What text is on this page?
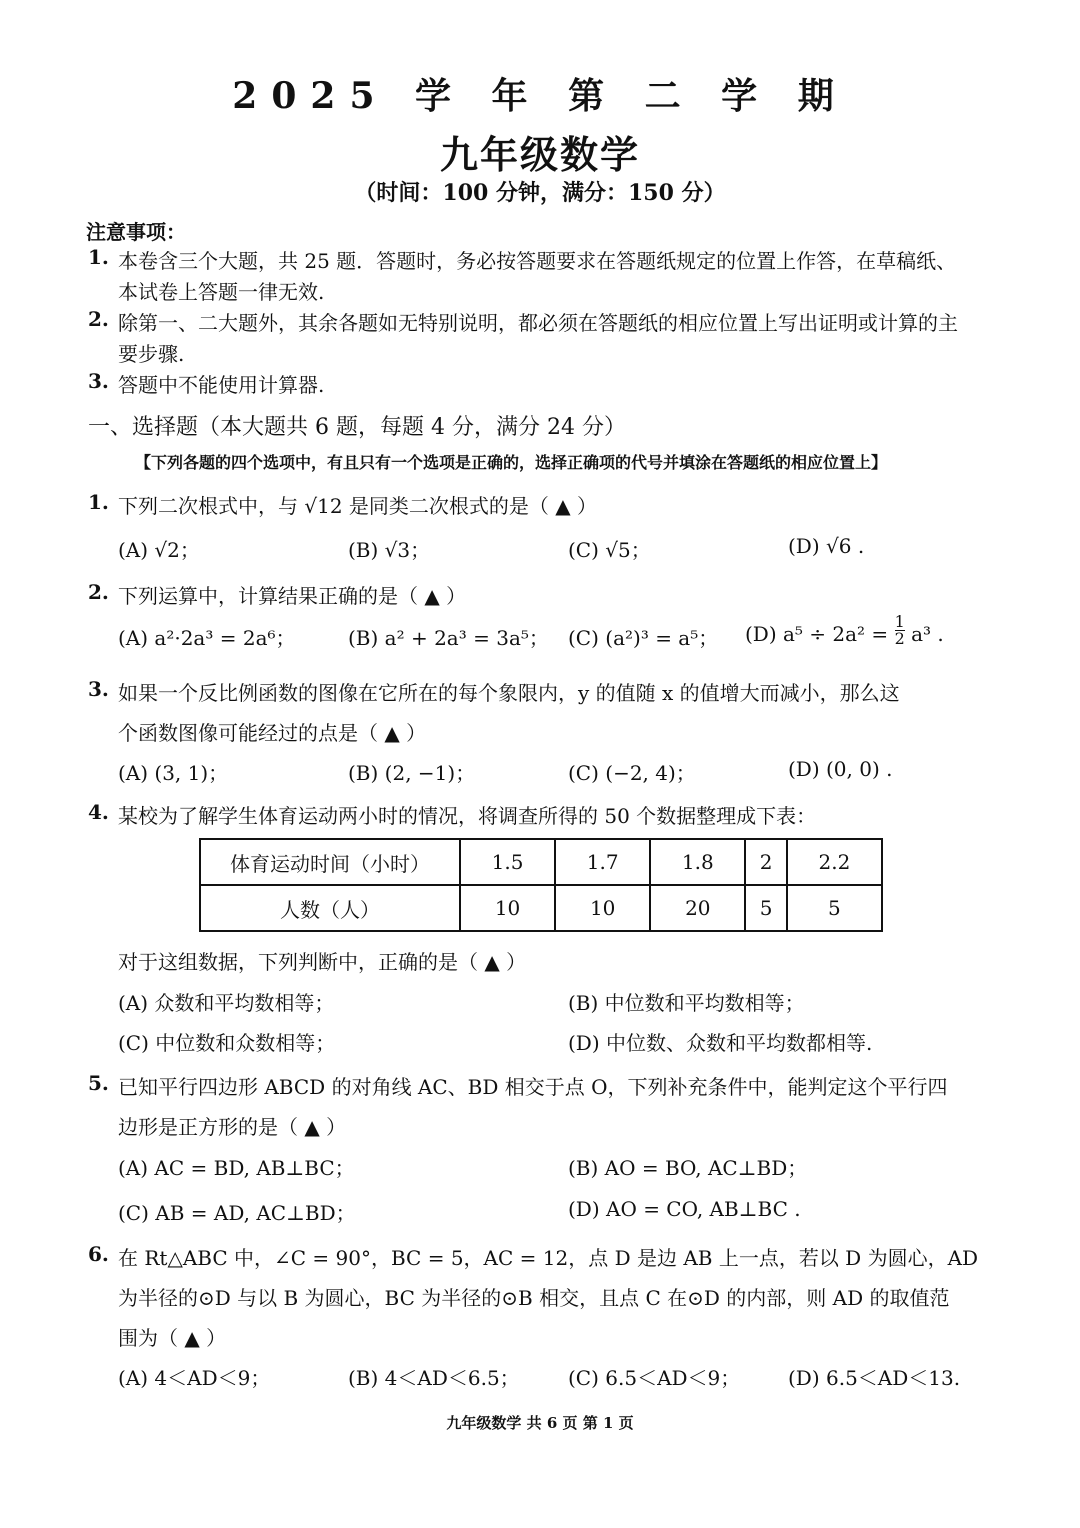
2025 学 年 第 二 学 期
九年级数学
（时间：100 分钟，满分：150 分）
注意事项：
1. 本卷含三个大题，共 25 题．答题时，务必按答题要求在答题纸规定的位置上作答，在草稿纸、
本试卷上答题一律无效.
2. 除第一、二大题外，其余各题如无特别说明，都必须在答题纸的相应位置上写出证明或计算的主
要步骤.
3. 答题中不能使用计算器.
一、选择题（本大题共 6 题，每题 4 分，满分 24 分）
【下列各题的四个选项中，有且只有一个选项是正确的，选择正确项的代号并填涂在答题纸的相应位置上】
1. 下列二次根式中，与 √12 是同类二次根式的是（ ▲ ）
(A) √2；	(B) √3；	(C) √5；	(D) √6 .
2. 下列运算中，计算结果正确的是（ ▲ ）
(A) a²·2a³ = 2a⁶；	(B) a² + 2a³ = 3a⁵； (C) (a²)³ = a⁵； (D) $a^5 \div 2a^2 = \frac{1}{2} a^3$ .
3. 如果一个反比例函数的图像在它所在的每个象限内，y 的值随 x 的值增大而减小，那么这
个函数图像可能经过的点是（ ▲ ）
(A) (3, 1)；	(B) (2, −1)；	(C) (−2, 4)；	(D) (0, 0) .
4. 某校为了解学生体育运动两小时的情况，将调查所得的 50 个数据整理成下表：
体育运动时间（小时）	1.5	1.7	1.8	2	2.2
人数（人）	10	10	20	5	5
对于这组数据，下列判断中，正确的是（ ▲ ）
(A) 众数和平均数相等；	(B) 中位数和平均数相等；
(C) 中位数和众数相等；	(D) 中位数、众数和平均数都相等.
5. 已知平行四边形 ABCD 的对角线 AC、BD 相交于点 O，下列补充条件中，能判定这个平行四
边形是正方形的是（ ▲ ）
(A) AC = BD, AB⊥BC；	(B) AO = BO, AC⊥BD；
(C) AB = AD, AC⊥BD；	(D) AO = CO, AB⊥BC .
6. 在 Rt△ABC 中，∠C = 90°，BC = 5，AC = 12，点 D 是边 AB 上一点，若以 D 为圆心，AD
为半径的⊙D 与以 B 为圆心，BC 为半径的⊙B 相交，且点 C 在⊙D 的内部，则 AD 的取值范
围为（ ▲ ）
(A) 4＜AD＜9；	(B) 4＜AD＜6.5； (C) 6.5＜AD＜9； (D) 6.5＜AD＜13.
九年级数学 共 6 页 第 1 页
